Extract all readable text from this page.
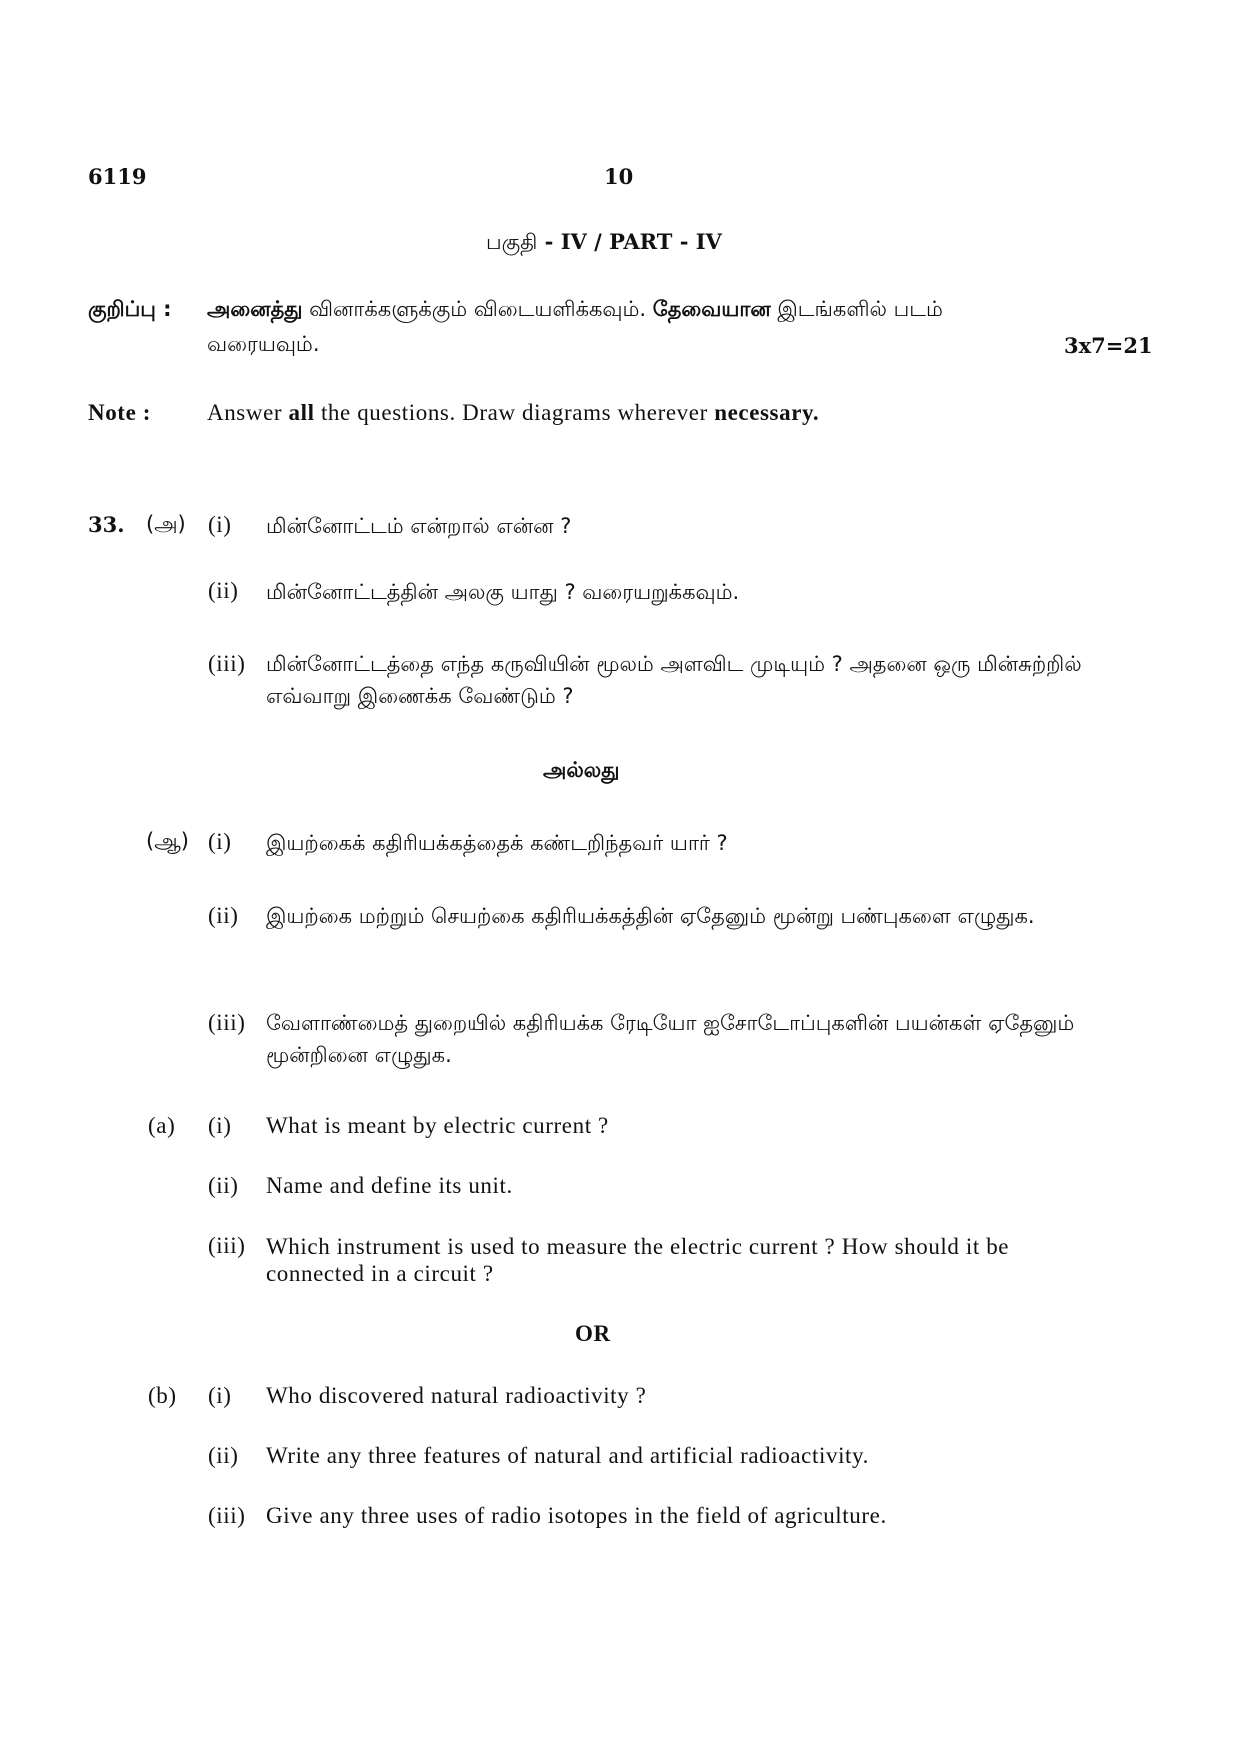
6119	10
பகுதி - IV / PART - IV
குறிப்பு : அனைத்து வினாக்களுக்கும் விடையளிக்கவும். தேவையான இடங்களில் படம்
வரையவும்.	3x7=21
Note : Answer all the questions. Draw diagrams wherever necessary.
33. (அ) (i) மின்னோட்டம் என்றால் என்ன ?
(ii) மின்னோட்டத்தின் அலகு யாது ? வரையறுக்கவும்.
(iii) மின்னோட்டத்தை எந்த கருவியின் மூலம் அளவிட முடியும் ? அதனை ஒரு மின்சுற்றில் எவ்வாறு இணைக்க வேண்டும் ?
அல்லது
(ஆ) (i) இயற்கைக் கதிரியக்கத்தைக் கண்டறிந்தவர் யார் ?
(ii) இயற்கை மற்றும் செயற்கை கதிரியக்கத்தின் ஏதேனும் மூன்று பண்புகளை எழுதுக.
(iii) வேளாண்மைத் துறையில் கதிரியக்க ரேடியோ ஐசோடோப்புகளின் பயன்கள் ஏதேனும் மூன்றினை எழுதுக.
(a) (i) What is meant by electric current ?
(ii) Name and define its unit.
(iii) Which instrument is used to measure the electric current ? How should it be connected in a circuit ?
OR
(b) (i) Who discovered natural radioactivity ?
(ii) Write any three features of natural and artificial radioactivity.
(iii) Give any three uses of radio isotopes in the field of agriculture.
